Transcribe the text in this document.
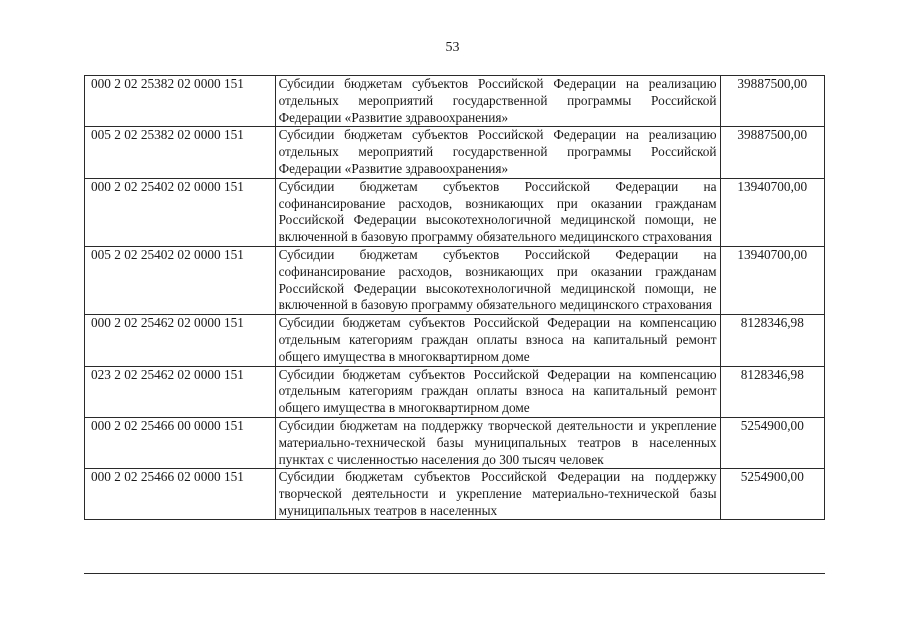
53
000 2 02 25382 02 0000 151	Субсидии бюджетам субъектов Российской Федерации на реализацию отдельных мероприятий государственной программы Российской Федерации «Развитие здравоохранения»	39887500,00
005 2 02 25382 02 0000 151	Субсидии бюджетам субъектов Российской Федерации на реализацию отдельных мероприятий государственной программы Российской Федерации «Развитие здравоохранения»	39887500,00
000 2 02 25402 02 0000 151	Субсидии бюджетам субъектов Российской Федерации на софинансирование расходов, возникающих при оказании гражданам Российской Федерации высокотехнологичной медицинской помощи, не включенной в базовую программу обязательного медицинского страхования	13940700,00
005 2 02 25402 02 0000 151	Субсидии бюджетам субъектов Российской Федерации на софинансирование расходов, возникающих при оказании гражданам Российской Федерации высокотехнологичной медицинской помощи, не включенной в базовую программу обязательного медицинского страхования	13940700,00
000 2 02 25462 02 0000 151	Субсидии бюджетам субъектов Российской Федерации на компенсацию отдельным категориям граждан оплаты взноса на капитальный ремонт общего имущества в многоквартирном доме	8128346,98
023 2 02 25462 02 0000 151	Субсидии бюджетам субъектов Российской Федерации на компенсацию отдельным категориям граждан оплаты взноса на капитальный ремонт общего имущества в многоквартирном доме	8128346,98
000 2 02 25466 00 0000 151	Субсидии бюджетам на поддержку творческой деятельности и укрепление материально-технической базы муниципальных театров в населенных пунктах с численностью населения до 300 тысяч человек	5254900,00
000 2 02 25466 02 0000 151	Субсидии бюджетам субъектов Российской Федерации на поддержку творческой деятельности и укрепление материально-технической базы муниципальных театров в населенных	5254900,00
